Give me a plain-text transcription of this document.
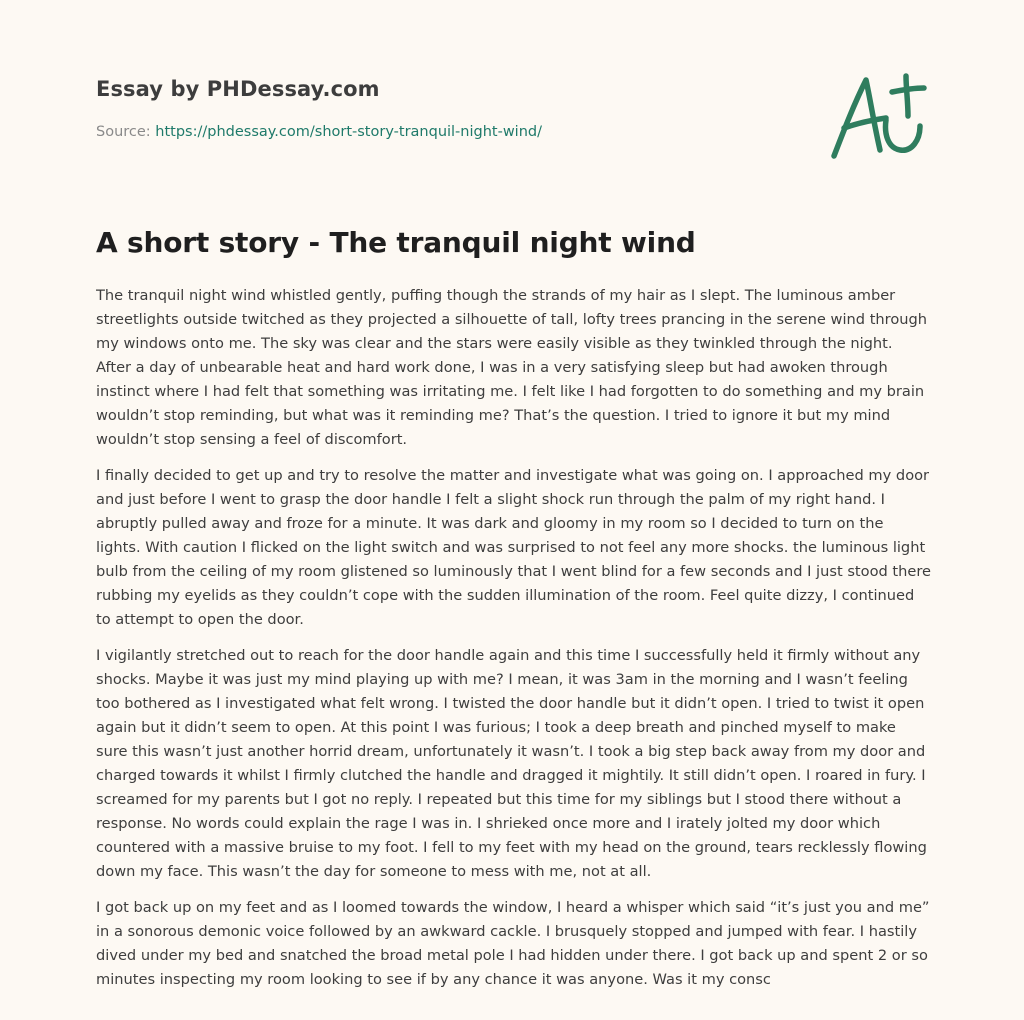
Essay by PHDessay.com
Source: https://phdessay.com/short-story-tranquil-night-wind/
A short story - The tranquil night wind

The tranquil night wind whistled gently, puffing though the strands of my hair as I slept. The luminous amber streetlights outside twitched as they projected a silhouette of tall, lofty trees prancing in the serene wind through my windows onto me. The sky was clear and the stars were easily visible as they twinkled through the night. After a day of unbearable heat and hard work done, I was in a very satisfying sleep but had awoken through instinct where I had felt that something was irritating me. I felt like I had forgotten to do something and my brain wouldn’t stop reminding, but what was it reminding me? That’s the question. I tried to ignore it but my mind wouldn’t stop sensing a feel of discomfort.

I finally decided to get up and try to resolve the matter and investigate what was going on. I approached my door and just before I went to grasp the door handle I felt a slight shock run through the palm of my right hand. I abruptly pulled away and froze for a minute. It was dark and gloomy in my room so I decided to turn on the lights. With caution I flicked on the light switch and was surprised to not feel any more shocks. the luminous light bulb from the ceiling of my room glistened so luminously that I went blind for a few seconds and I just stood there rubbing my eyelids as they couldn’t cope with the sudden illumination of the room. Feel quite dizzy, I continued to attempt to open the door.

I vigilantly stretched out to reach for the door handle again and this time I successfully held it firmly without any shocks. Maybe it was just my mind playing up with me? I mean, it was 3am in the morning and I wasn’t feeling too bothered as I investigated what felt wrong. I twisted the door handle but it didn’t open. I tried to twist it open again but it didn’t seem to open. At this point I was furious; I took a deep breath and pinched myself to make sure this wasn’t just another horrid dream, unfortunately it wasn’t. I took a big step back away from my door and charged towards it whilst I firmly clutched the handle and dragged it mightily. It still didn’t open. I roared in fury. I screamed for my parents but I got no reply. I repeated but this time for my siblings but I stood there without a response. No words could explain the rage I was in. I shrieked once more and I irately jolted my door which countered with a massive bruise to my foot. I fell to my feet with my head on the ground, tears recklessly flowing down my face. This wasn’t the day for someone to mess with me, not at all.

I got back up on my feet and as I loomed towards the window, I heard a whisper which said “it’s just you and me” in a sonorous demonic voice followed by an awkward cackle. I brusquely stopped and jumped with fear. I hastily dived under my bed and snatched the broad metal pole I had hidden under there. I got back up and spent 2 or so minutes inspecting my room looking to see if by any chance it was anyone. Was it my consc
